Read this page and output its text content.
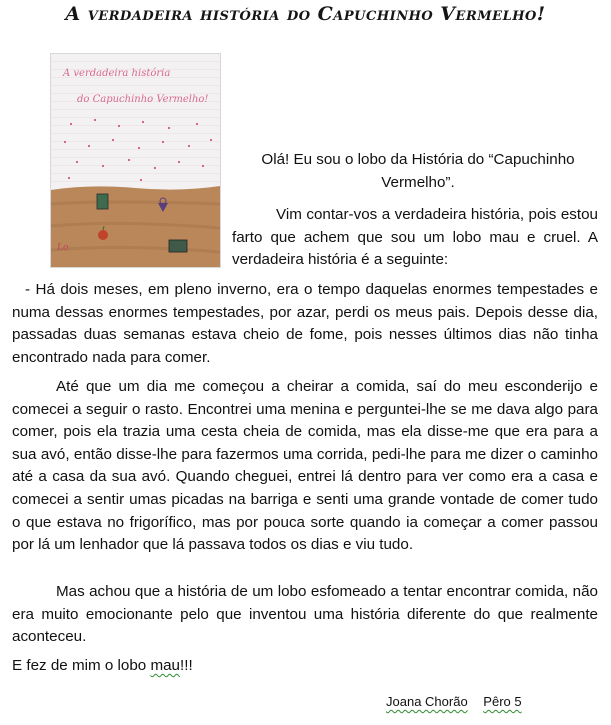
A verdadeira história do Capuchinho Vermelho!
A verdadeira história
do Capuchinho Vermelho!
Lo

Olá! Eu sou o lobo da História do “Capuchinho Vermelho”.

Vim contar-vos a verdadeira história, pois estou farto que achem que sou um lobo mau e cruel. A verdadeira história é a seguinte:

- Há dois meses, em pleno inverno, era o tempo daquelas enormes tempestades e numa dessas enormes tempestades, por azar, perdi os meus pais. Depois desse dia, passadas duas semanas estava cheio de fome, pois nesses últimos dias não tinha encontrado nada para comer.

Até que um dia me começou a cheirar a comida, saí do meu esconderijo e comecei a seguir o rasto. Encontrei uma menina e perguntei-lhe se me dava algo para comer, pois ela trazia uma cesta cheia de comida, mas ela disse-me que era para a sua avó, então disse-lhe para fazermos uma corrida, pedi-lhe para me dizer o caminho até a casa da sua avó. Quando cheguei, entrei lá dentro para ver como era a casa e comecei a sentir umas picadas na barriga e senti uma grande vontade de comer tudo o que estava no frigorífico, mas por pouca sorte quando ia começar a comer passou por lá um lenhador que lá passava todos os dias e viu tudo.

Mas achou que a história de um lobo esfomeado a tentar encontrar comida, não era muito emocionante pelo que inventou uma história diferente do que realmente aconteceu.

E fez de mim o lobo mau!!!

Joana Chorão Pêro 5
